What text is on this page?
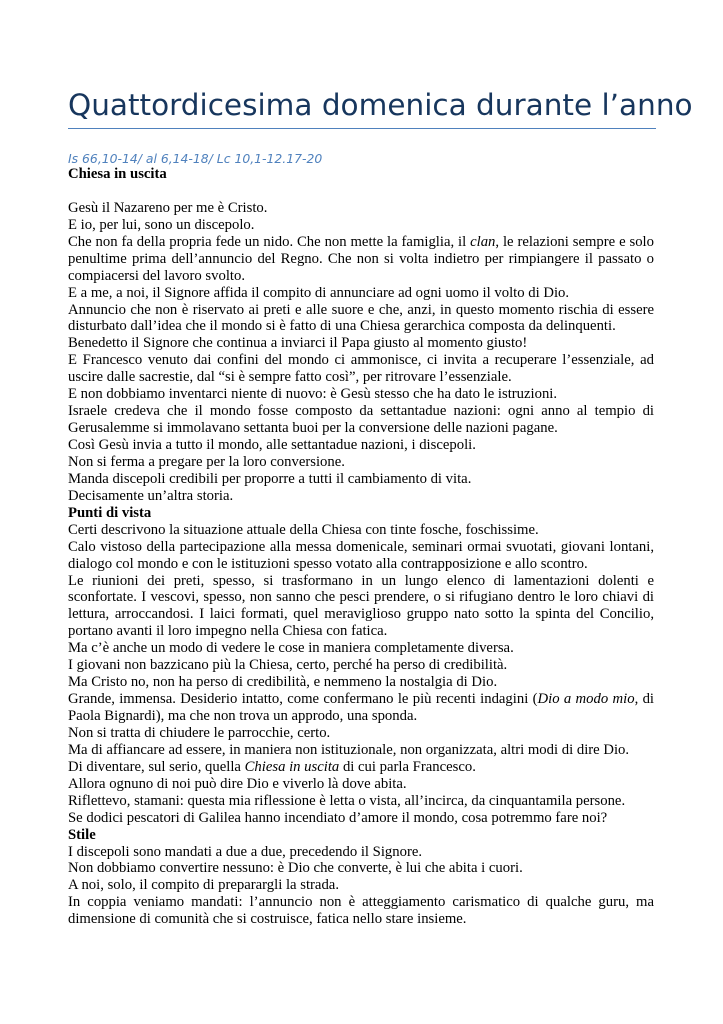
Quattordicesima domenica durante l’anno
Is 66,10-14/ al 6,14-18/ Lc 10,1-12.17-20
Chiesa in uscita
Gesù il Nazareno per me è Cristo.
E io, per lui, sono un discepolo.
Che non fa della propria fede un nido. Che non mette la famiglia, il clan, le relazioni sempre e solo
penultime prima dell’annuncio del Regno. Che non si volta indietro per rimpiangere il passato o
compiacersi del lavoro svolto.
E a me, a noi, il Signore affida il compito di annunciare ad ogni uomo il volto di Dio.
Annuncio che non è riservato ai preti e alle suore e che, anzi, in questo momento rischia di essere
disturbato dall’idea che il mondo si è fatto di una Chiesa gerarchica composta da delinquenti.
Benedetto il Signore che continua a inviarci il Papa giusto al momento giusto!
E Francesco venuto dai confini del mondo ci ammonisce, ci invita a recuperare l’essenziale, ad
uscire dalle sacrestie, dal “si è sempre fatto così”, per ritrovare l’essenziale.
E non dobbiamo inventarci niente di nuovo: è Gesù stesso che ha dato le istruzioni.
Israele credeva che il mondo fosse composto da settantadue nazioni: ogni anno al tempio di
Gerusalemme si immolavano settanta buoi per la conversione delle nazioni pagane.
Così Gesù invia a tutto il mondo, alle settantadue nazioni, i discepoli.
Non si ferma a pregare per la loro conversione.
Manda discepoli credibili per proporre a tutti il cambiamento di vita.
Decisamente un’altra storia.
Punti di vista
Certi descrivono la situazione attuale della Chiesa con tinte fosche, foschissime.
Calo vistoso della partecipazione alla messa domenicale, seminari ormai svuotati, giovani lontani,
dialogo col mondo e con le istituzioni spesso votato alla contrapposizione e allo scontro.
Le riunioni dei preti, spesso, si trasformano in un lungo elenco di lamentazioni dolenti e
sconfortate. I vescovi, spesso, non sanno che pesci prendere, o si rifugiano dentro le loro chiavi di
lettura, arroccandosi. I laici formati, quel meraviglioso gruppo nato sotto la spinta del Concilio,
portano avanti il loro impegno nella Chiesa con fatica.
Ma c’è anche un modo di vedere le cose in maniera completamente diversa.
I giovani non bazzicano più la Chiesa, certo, perché ha perso di credibilità.
Ma Cristo no, non ha perso di credibilità, e nemmeno la nostalgia di Dio.
Grande, immensa. Desiderio intatto, come confermano le più recenti indagini (Dio a modo mio, di
Paola Bignardi), ma che non trova un approdo, una sponda.
Non si tratta di chiudere le parrocchie, certo.
Ma di affiancare ad essere, in maniera non istituzionale, non organizzata, altri modi di dire Dio.
Di diventare, sul serio, quella Chiesa in uscita di cui parla Francesco.
Allora ognuno di noi può dire Dio e viverlo là dove abita.
Riflettevo, stamani: questa mia riflessione è letta o vista, all’incirca, da cinquantamila persone.
Se dodici pescatori di Galilea hanno incendiato d’amore il mondo, cosa potremmo fare noi?
Stile
I discepoli sono mandati a due a due, precedendo il Signore.
Non dobbiamo convertire nessuno: è Dio che converte, è lui che abita i cuori.
A noi, solo, il compito di preparargli la strada.
In coppia veniamo mandati: l’annuncio non è atteggiamento carismatico di qualche guru, ma
dimensione di comunità che si costruisce, fatica nello stare insieme.
